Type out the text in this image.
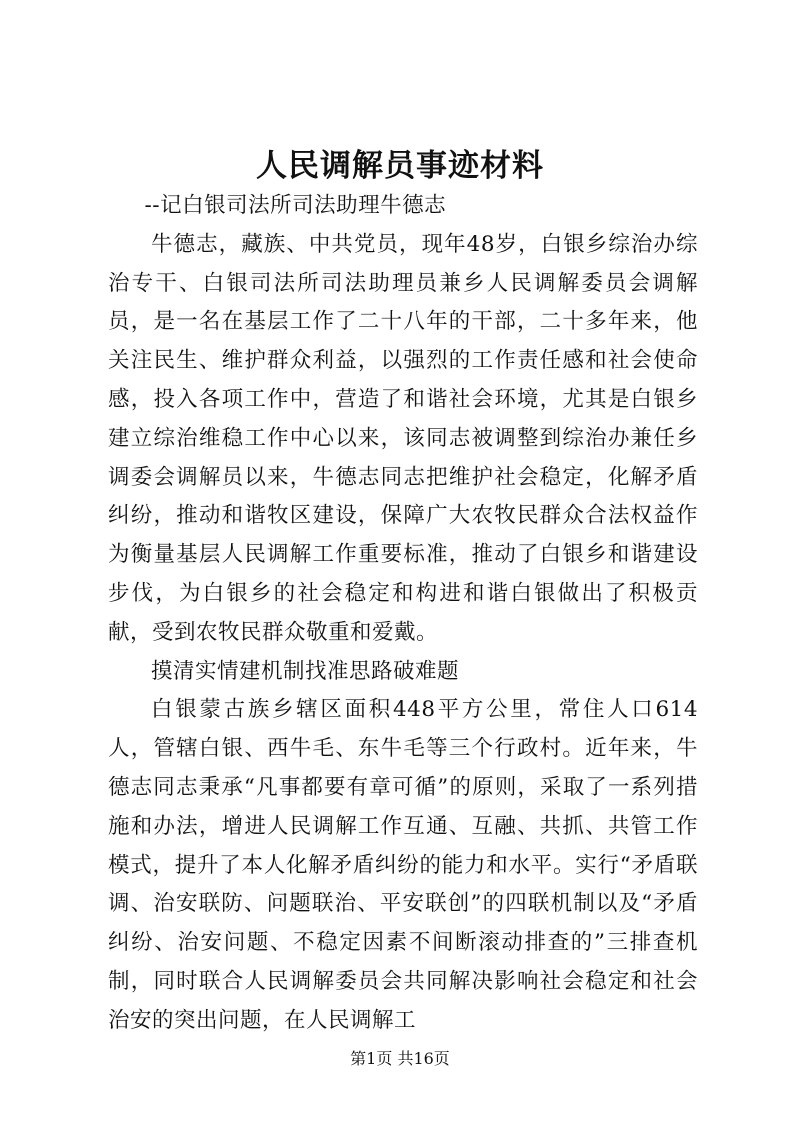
人民调解员事迹材料

--记白银司法所司法助理牛德志

牛德志，藏族、中共党员，现年48岁，白银乡综治办综治专干、白银司法所司法助理员兼乡人民调解委员会调解员，是一名在基层工作了二十八年的干部，二十多年来，他关注民生、维护群众利益，以强烈的工作责任感和社会使命感，投入各项工作中，营造了和谐社会环境，尤其是白银乡建立综治维稳工作中心以来，该同志被调整到综治办兼任乡调委会调解员以来，牛德志同志把维护社会稳定，化解矛盾纠纷，推动和谐牧区建设，保障广大农牧民群众合法权益作为衡量基层人民调解工作重要标准，推动了白银乡和谐建设步伐，为白银乡的社会稳定和构进和谐白银做出了积极贡献，受到农牧民群众敬重和爱戴。

摸清实情建机制找准思路破难题

白银蒙古族乡辖区面积448平方公里，常住人口614人，管辖白银、西牛毛、东牛毛等三个行政村。近年来，牛德志同志秉承“凡事都要有章可循”的原则，采取了一系列措施和办法，增进人民调解工作互通、互融、共抓、共管工作模式，提升了本人化解矛盾纠纷的能力和水平。实行“矛盾联调、治安联防、问题联治、平安联创”的四联机制以及“矛盾纠纷、治安问题、不稳定因素不间断滚动排查的”三排查机制，同时联合人民调解委员会共同解决影响社会稳定和社会治安的突出问题，在人民调解工

第1页 共16页
